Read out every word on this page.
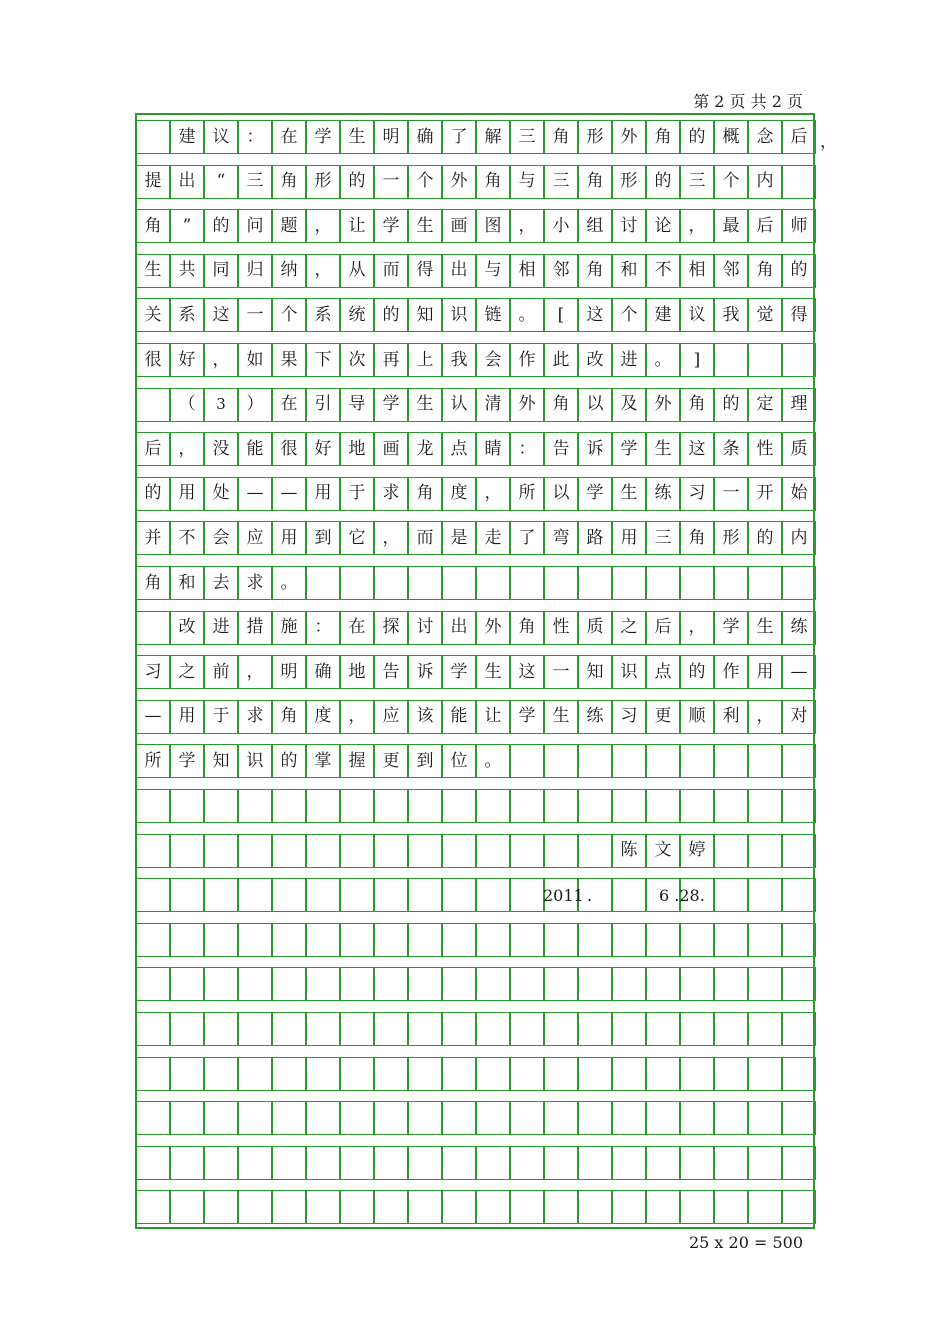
第 2 页 共 2 页
建	议	：	在	学	生	明	确	了	解	三	角	形	外	角	的	概	念	后
提	出	“	三	角	形	的	一	个	外	角	与	三	角	形	的	三	个	内
角	”	的	问	题	，	让	学	生	画	图	，	小	组	讨	论	，	最	后	师
生	共	同	归	纳	，	从	而	得	出	与	相	邻	角	和	不	相	邻	角	的
关	系	这	一	个	系	统	的	知	识	链	。	[	这	个	建	议	我	觉	得
很	好	，	如	果	下	次	再	上	我	会	作	此	改	进	。	]
（	3	）	在	引	导	学	生	认	清	外	角	以	及	外	角	的	定	理
后	，	没	能	很	好	地	画	龙	点	睛	：	告	诉	学	生	这	条	性	质
的	用	处	—	—	用	于	求	角	度	，	所	以	学	生	练	习	一	开	始
并	不	会	应	用	到	它	，	而	是	走	了	弯	路	用	三	角	形	的	内
角	和	去	求	。
改	进	措	施	：	在	探	讨	出	外	角	性	质	之	后	，	学	生	练
习	之	前	，	明	确	地	告	诉	学	生	这	一	知	识	点	的	作	用	—
—	用	于	求	角	度	，	应	该	能	让	学	生	练	习	更	顺	利	，	对
所	学	知	识	的	掌	握	更	到	位	。
陈	文	婷
，
2011 .	6 .28.
25 x 20 = 500
